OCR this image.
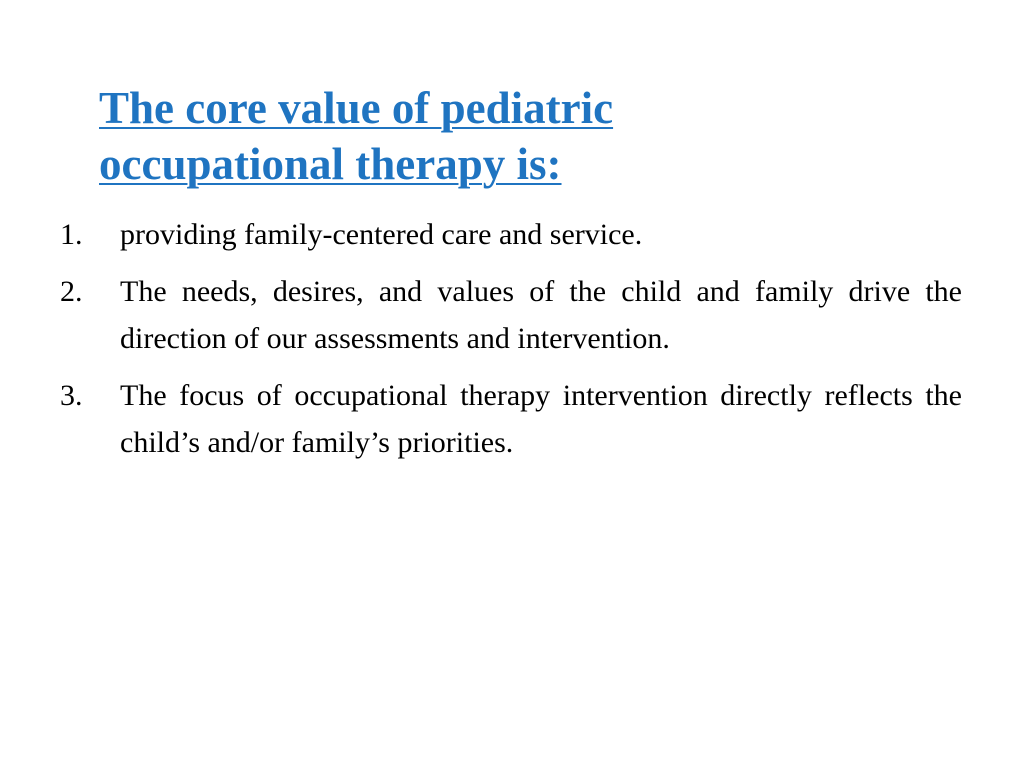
The core value of pediatric
occupational therapy is:
1. providing family-centered care and service.
2. The needs, desires, and values of the child and family drive the direction of our assessments and intervention.
3. The focus of occupational therapy intervention directly reflects the child’s and/or family’s priorities.
